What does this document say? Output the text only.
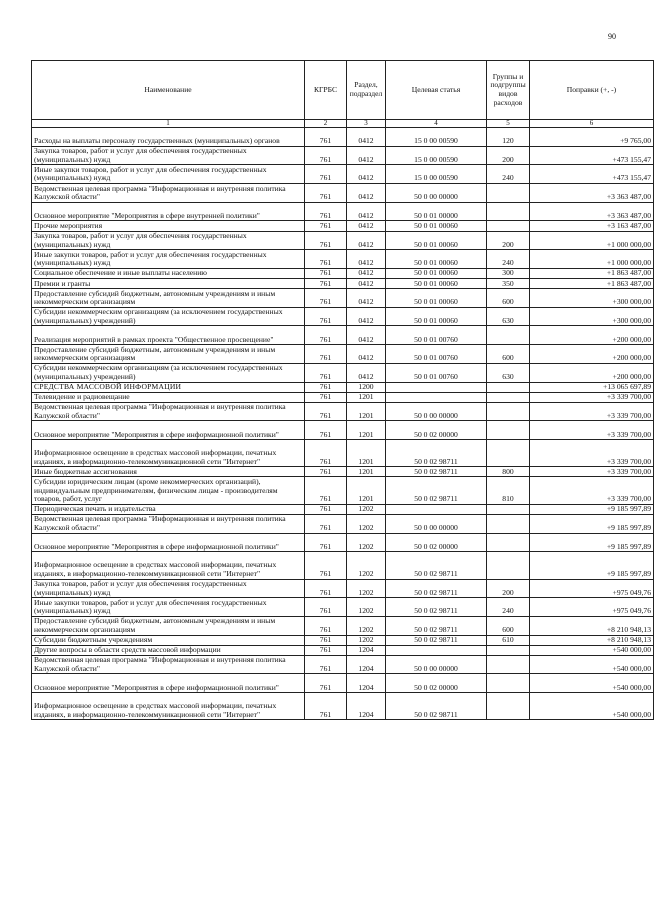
90
Наименование	КГРБС	Раздел, подраздел	Целевая статья	Группы и подгруппы видов расходов	Поправки (+, -)
1	2	3	4	5	6
Расходы на выплаты персоналу государственных (муниципальных) органов	761	0412	15 0 00 00590	120	+9 765,00
Закупка товаров, работ и услуг для обеспечения государственных (муниципальных) нужд	761	0412	15 0 00 00590	200	+473 155,47
Иные закупки товаров, работ и услуг для обеспечения государственных (муниципальных) нужд	761	0412	15 0 00 00590	240	+473 155,47
Ведомственная целевая программа "Информационная и внутренняя политика Калужской области"	761	0412	50 0 00 00000		+3 363 487,00
Основное мероприятие "Мероприятия в сфере внутренней политики"	761	0412	50 0 01 00000		+3 363 487,00
Прочие мероприятия	761	0412	50 0 01 00060		+3 163 487,00
Закупка товаров, работ и услуг для обеспечения государственных (муниципальных) нужд	761	0412	50 0 01 00060	200	+1 000 000,00
Иные закупки товаров, работ и услуг для обеспечения государственных (муниципальных) нужд	761	0412	50 0 01 00060	240	+1 000 000,00
Социальное обеспечение и иные выплаты населению	761	0412	50 0 01 00060	300	+1 863 487,00
Премии и гранты	761	0412	50 0 01 00060	350	+1 863 487,00
Предоставление субсидий бюджетным, автономным учреждениям и иным некоммерческим организациям	761	0412	50 0 01 00060	600	+300 000,00
Субсидии некоммерческим организациям (за исключением государственных (муниципальных) учреждений)	761	0412	50 0 01 00060	630	+300 000,00
Реализация мероприятий в рамках проекта "Общественное просвещение"	761	0412	50 0 01 00760		+200 000,00
Предоставление субсидий бюджетным, автономным учреждениям и иным некоммерческим организациям	761	0412	50 0 01 00760	600	+200 000,00
Субсидии некоммерческим организациям (за исключением государственных (муниципальных) учреждений)	761	0412	50 0 01 00760	630	+200 000,00
СРЕДСТВА МАССОВОЙ ИНФОРМАЦИИ	761	1200			+13 065 697,89
Телевидение и радиовещание	761	1201			+3 339 700,00
Ведомственная целевая программа "Информационная и внутренняя политика Калужской области"	761	1201	50 0 00 00000		+3 339 700,00
Основное мероприятие "Мероприятия в сфере информационной политики"	761	1201	50 0 02 00000		+3 339 700,00
Информационное освещение в средствах массовой информации, печатных изданиях, в информационно-телекоммуникационной сети "Интернет"	761	1201	50 0 02 98711		+3 339 700,00
Иные бюджетные ассигнования	761	1201	50 0 02 98711	800	+3 339 700,00
Субсидии юридическим лицам (кроме некоммерческих организаций), индивидуальным предпринимателям, физическим лицам - производителям товаров, работ, услуг	761	1201	50 0 02 98711	810	+3 339 700,00
Периодическая печать и издательства	761	1202			+9 185 997,89
Ведомственная целевая программа "Информационная и внутренняя политика Калужской области"	761	1202	50 0 00 00000		+9 185 997,89
Основное мероприятие "Мероприятия в сфере информационной политики"	761	1202	50 0 02 00000		+9 185 997,89
Информационное освещение в средствах массовой информации, печатных изданиях, в информационно-телекоммуникационной сети "Интернет"	761	1202	50 0 02 98711		+9 185 997,89
Закупка товаров, работ и услуг для обеспечения государственных (муниципальных) нужд	761	1202	50 0 02 98711	200	+975 049,76
Иные закупки товаров, работ и услуг для обеспечения государственных (муниципальных) нужд	761	1202	50 0 02 98711	240	+975 049,76
Предоставление субсидий бюджетным, автономным учреждениям и иным некоммерческим организациям	761	1202	50 0 02 98711	600	+8 210 948,13
Субсидии бюджетным учреждениям	761	1202	50 0 02 98711	610	+8 210 948,13
Другие вопросы в области средств массовой информации	761	1204			+540 000,00
Ведомственная целевая программа "Информационная и внутренняя политика Калужской области"	761	1204	50 0 00 00000		+540 000,00
Основное мероприятие "Мероприятия в сфере информационной политики"	761	1204	50 0 02 00000		+540 000,00
Информационное освещение в средствах массовой информации, печатных изданиях, в информационно-телекоммуникационной сети "Интернет"	761	1204	50 0 02 98711		+540 000,00
